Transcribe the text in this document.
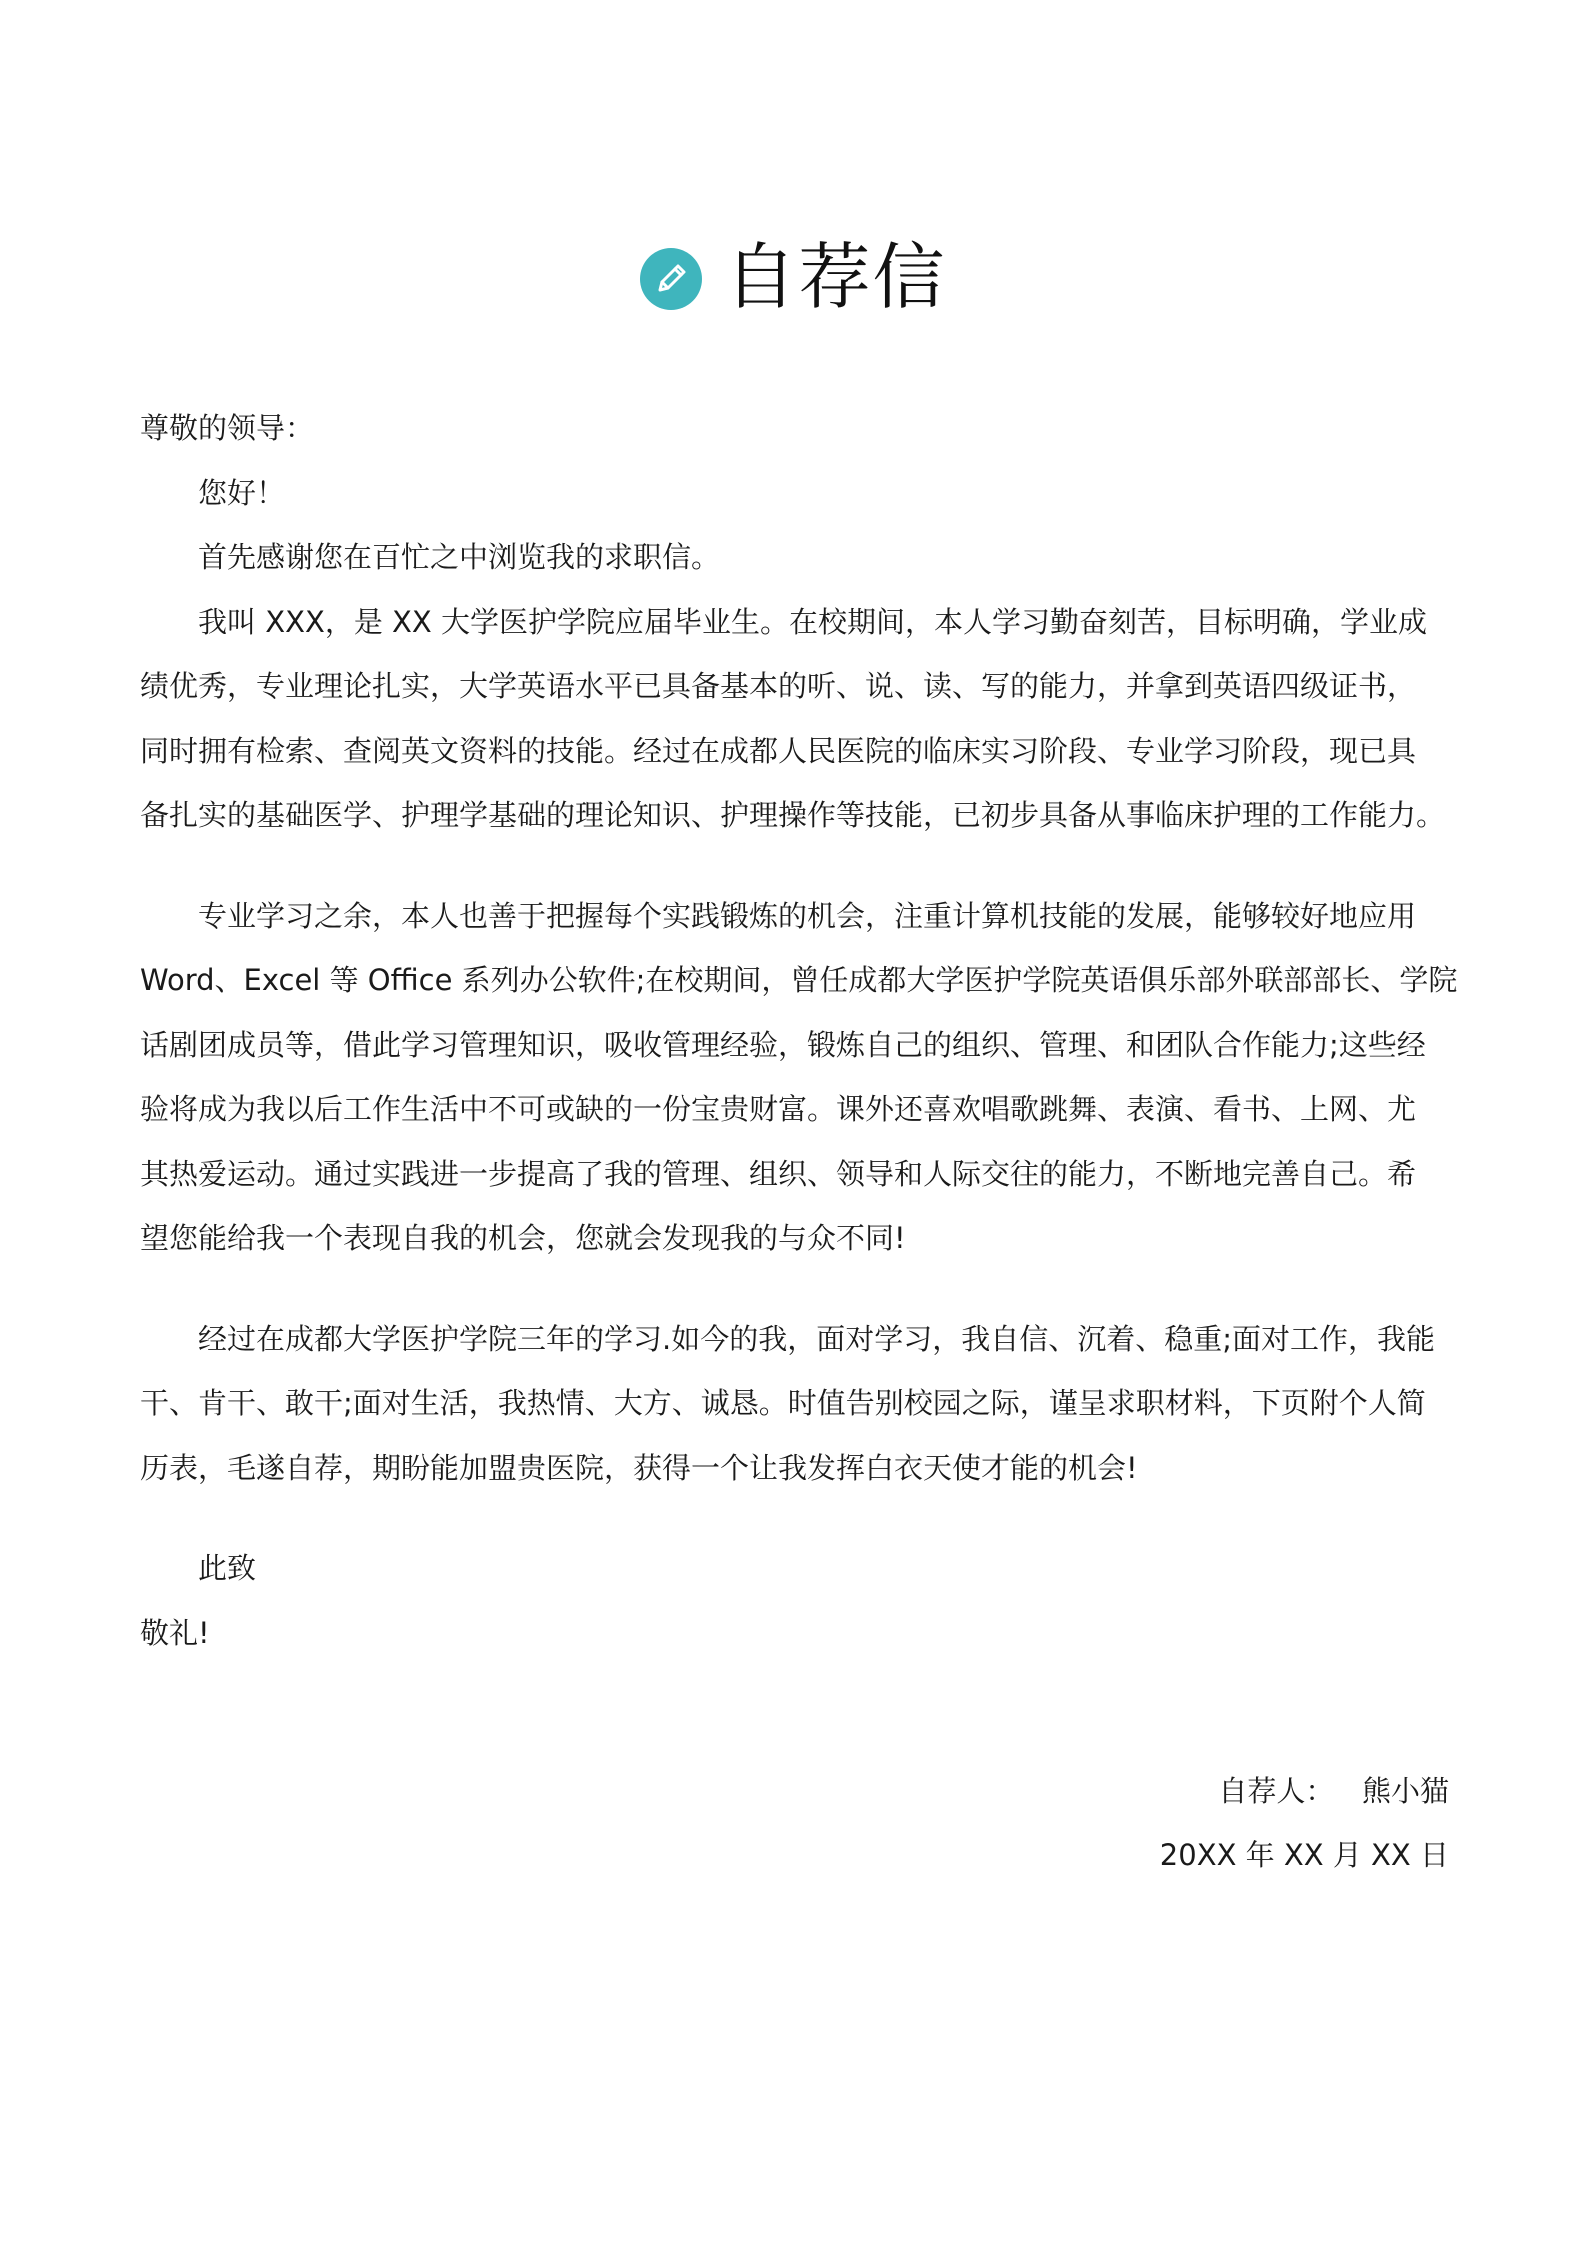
自荐信
尊敬的领导：
您好！
首先感谢您在百忙之中浏览我的求职信。
我叫 XXX，是 XX 大学医护学院应届毕业生。在校期间，本人学习勤奋刻苦，目标明确，学业成
绩优秀，专业理论扎实，大学英语水平已具备基本的听、说、读、写的能力，并拿到英语四级证书，
同时拥有检索、查阅英文资料的技能。经过在成都人民医院的临床实习阶段、专业学习阶段，现已具
备扎实的基础医学、护理学基础的理论知识、护理操作等技能，已初步具备从事临床护理的工作能力。
专业学习之余，本人也善于把握每个实践锻炼的机会，注重计算机技能的发展，能够较好地应用
Word、Excel 等 Office 系列办公软件;在校期间，曾任成都大学医护学院英语俱乐部外联部部长、学院
话剧团成员等，借此学习管理知识，吸收管理经验，锻炼自己的组织、管理、和团队合作能力;这些经
验将成为我以后工作生活中不可或缺的一份宝贵财富。课外还喜欢唱歌跳舞、表演、看书、上网、尤
其热爱运动。通过实践进一步提高了我的管理、组织、领导和人际交往的能力，不断地完善自己。希
望您能给我一个表现自我的机会，您就会发现我的与众不同!
经过在成都大学医护学院三年的学习.如今的我，面对学习，我自信、沉着、稳重;面对工作，我能
干、肯干、敢干;面对生活，我热情、大方、诚恳。时值告别校园之际，谨呈求职材料，下页附个人简
历表，毛遂自荐，期盼能加盟贵医院，获得一个让我发挥白衣天使才能的机会!
此致
敬礼!
自荐人：   熊小猫
20XX 年 XX 月 XX 日
